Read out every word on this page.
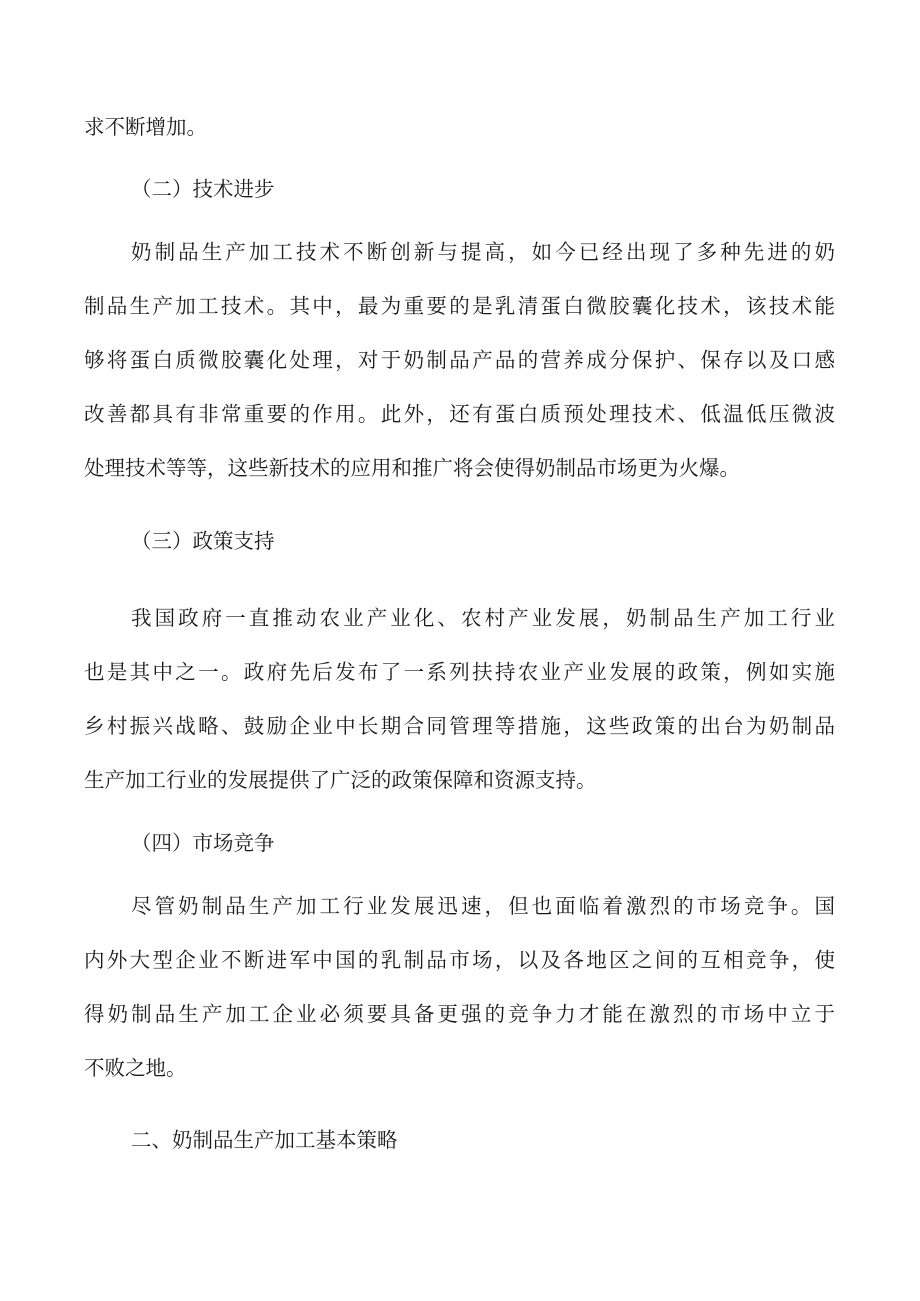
求不断增加。
（二）技术进步
奶制品生产加工技术不断创新与提高，如今已经出现了多种先进的奶
制品生产加工技术。其中，最为重要的是乳清蛋白微胶囊化技术，该技术能
够将蛋白质微胶囊化处理，对于奶制品产品的营养成分保护、保存以及口感
改善都具有非常重要的作用。此外，还有蛋白质预处理技术、低温低压微波
处理技术等等，这些新技术的应用和推广将会使得奶制品市场更为火爆。
（三）政策支持
我国政府一直推动农业产业化、农村产业发展，奶制品生产加工行业
也是其中之一。政府先后发布了一系列扶持农业产业发展的政策，例如实施
乡村振兴战略、鼓励企业中长期合同管理等措施，这些政策的出台为奶制品
生产加工行业的发展提供了广泛的政策保障和资源支持。
（四）市场竞争
尽管奶制品生产加工行业发展迅速，但也面临着激烈的市场竞争。国
内外大型企业不断进军中国的乳制品市场，以及各地区之间的互相竞争，使
得奶制品生产加工企业必须要具备更强的竞争力才能在激烈的市场中立于
不败之地。
二、奶制品生产加工基本策略
